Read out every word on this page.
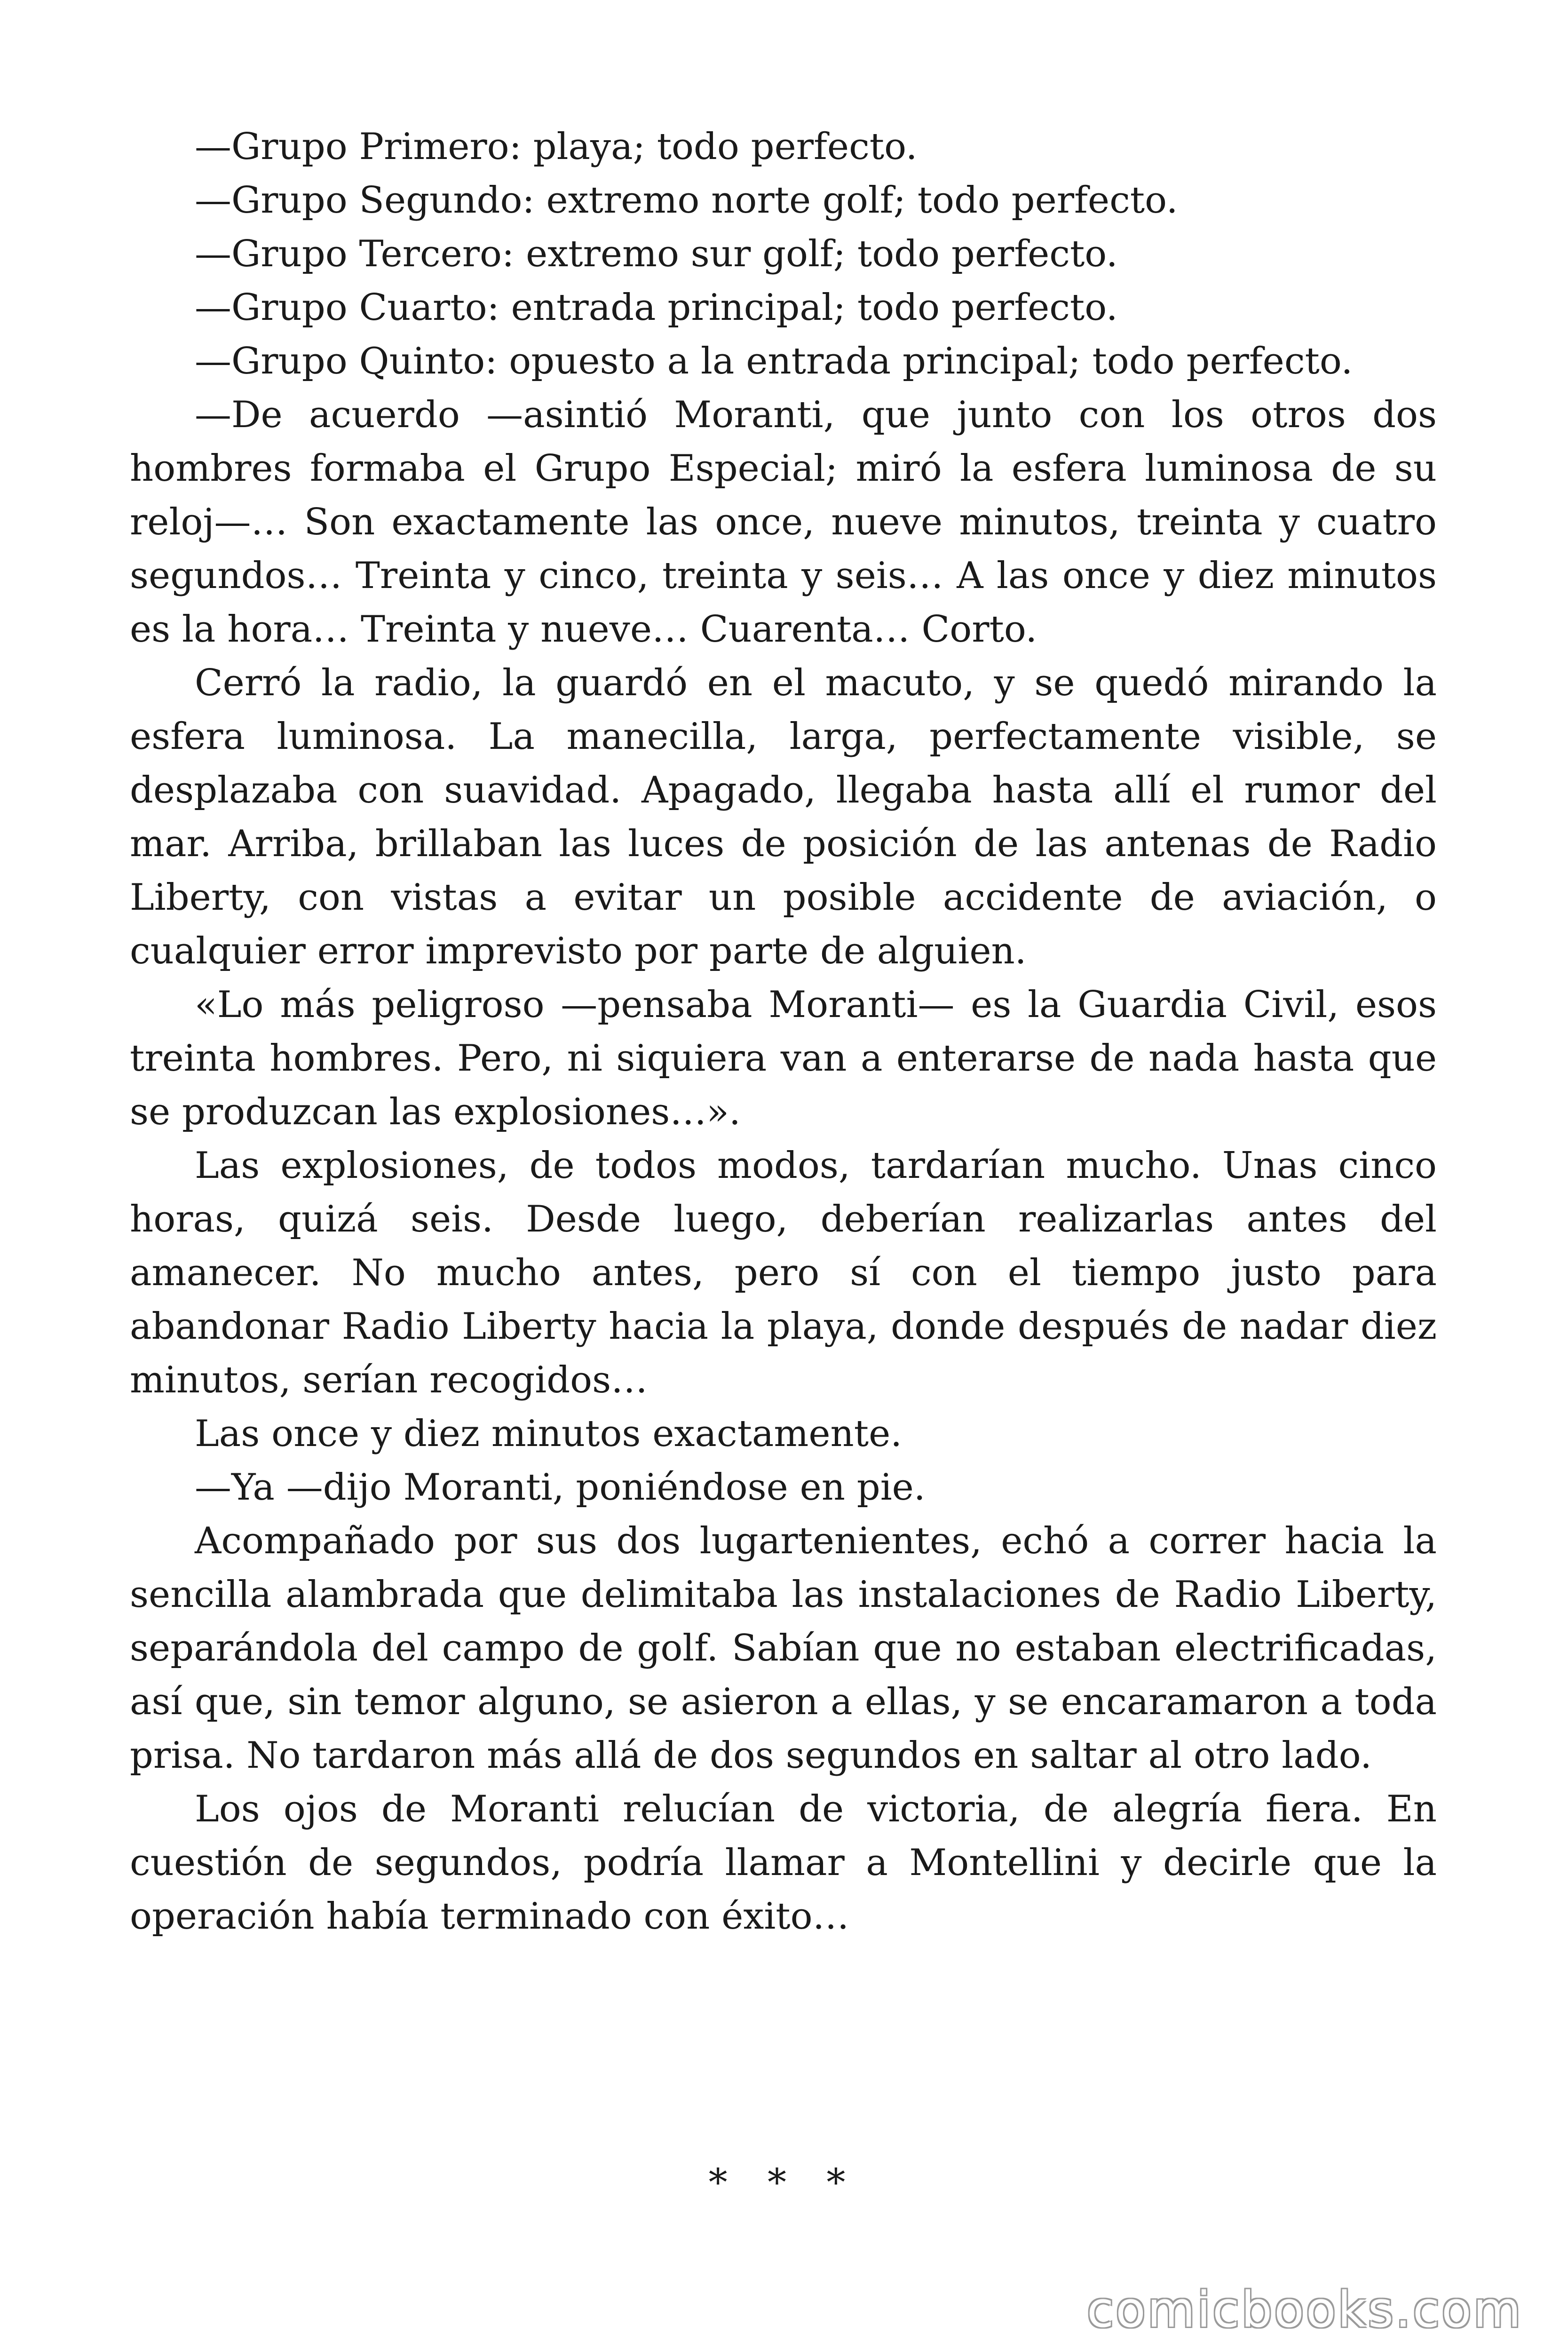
—Grupo Primero: playa; todo perfecto.

—Grupo Segundo: extremo norte golf; todo perfecto.

—Grupo Tercero: extremo sur golf; todo perfecto.

—Grupo Cuarto: entrada principal; todo perfecto.

—Grupo Quinto: opuesto a la entrada principal; todo perfecto.

—De acuerdo —asintió Moranti, que junto con los otros dos hombres formaba el Grupo Especial; miró la esfera luminosa de su reloj—… Son exactamente las once, nueve minutos, treinta y cuatro segundos… Treinta y cinco, treinta y seis… A las once y diez minutos es la hora… Treinta y nueve… Cuarenta… Corto.

Cerró la radio, la guardó en el macuto, y se quedó mirando la esfera luminosa. La manecilla, larga, perfectamente visible, se desplazaba con suavidad. Apagado, llegaba hasta allí el rumor del mar. Arriba, brillaban las luces de posición de las antenas de Radio Liberty, con vistas a evitar un posible accidente de aviación, o cualquier error imprevisto por parte de alguien.

«Lo más peligroso —pensaba Moranti— es la Guardia Civil, esos treinta hombres. Pero, ni siquiera van a enterarse de nada hasta que se produzcan las explosiones…».

Las explosiones, de todos modos, tardarían mucho. Unas cinco horas, quizá seis. Desde luego, deberían realizarlas antes del amanecer. No mucho antes, pero sí con el tiempo justo para abandonar Radio Liberty hacia la playa, donde después de nadar diez minutos, serían recogidos…

Las once y diez minutos exactamente.

—Ya —dijo Moranti, poniéndose en pie.

Acompañado por sus dos lugartenientes, echó a correr hacia la sencilla alambrada que delimitaba las instalaciones de Radio Liberty, separándola del campo de golf. Sabían que no estaban electrificadas, así que, sin temor alguno, se asieron a ellas, y se encaramaron a toda prisa. No tardaron más allá de dos segundos en saltar al otro lado.

Los ojos de Moranti relucían de victoria, de alegría fiera. En cuestión de segundos, podría llamar a Montellini y decirle que la operación había terminado con éxito…

* * *
comicbooks.com
